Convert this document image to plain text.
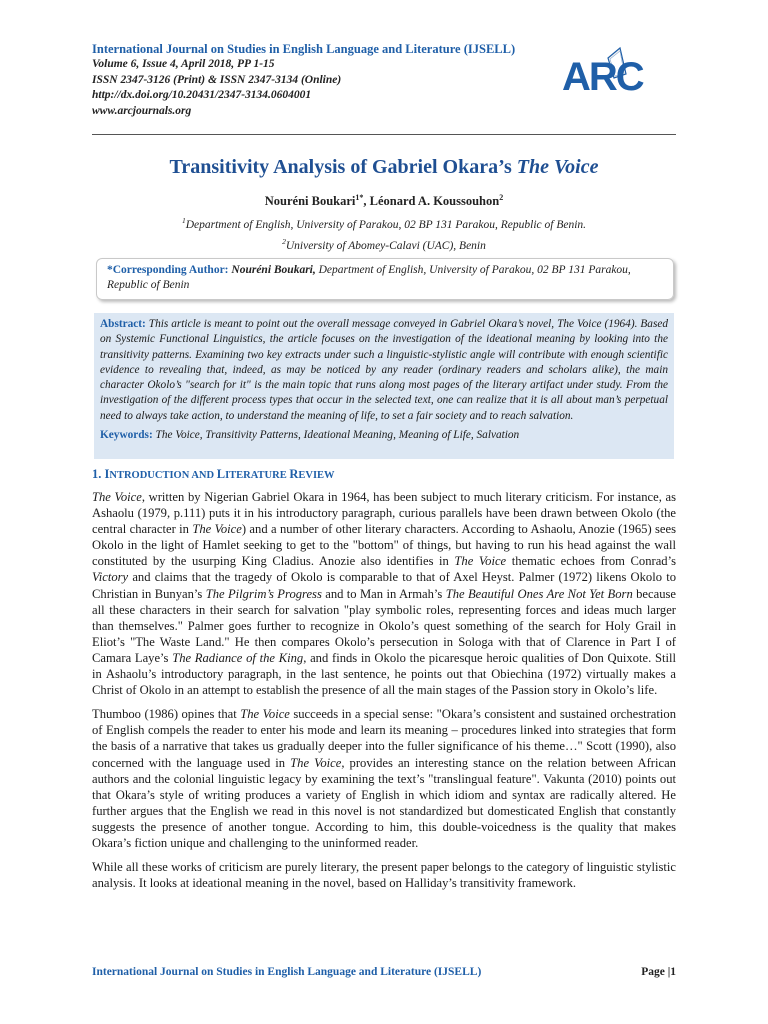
International Journal on Studies in English Language and Literature (IJSELL)
Volume 6, Issue 4, April 2018, PP 1-15
ISSN 2347-3126 (Print) & ISSN 2347-3134 (Online)
http://dx.doi.org/10.20431/2347-3134.0604001
www.arcjournals.org
ARC
Transitivity Analysis of Gabriel Okara’s The Voice
Nouréni Boukari$^{1*}$, Léonard A. Koussouhon$^2$
$^1$Department of English, University of Parakou, 02 BP 131 Parakou, Republic of Benin.
$^2$University of Abomey-Calavi (UAC), Benin
*Corresponding Author: Nouréni Boukari, Department of English, University of Parakou, 02 BP 131 Parakou, Republic of Benin
Abstract: This article is meant to point out the overall message conveyed in Gabriel Okara’s novel, The Voice (1964). Based on Systemic Functional Linguistics, the article focuses on the investigation of the ideational meaning by looking into the transitivity patterns. Examining two key extracts under such a linguistic-stylistic angle will contribute with enough scientific evidence to revealing that, indeed, as may be noticed by any reader (ordinary readers and scholars alike), the main character Okolo’s "search for it" is the main topic that runs along most pages of the literary artifact under study. From the investigation of the different process types that occur in the selected text, one can realize that it is all about man’s perpetual need to always take action, to understand the meaning of life, to set a fair society and to reach salvation.
Keywords: The Voice, Transitivity Patterns, Ideational Meaning, Meaning of Life, Salvation
1. INTRODUCTION AND LITERATURE REVIEW

The Voice, written by Nigerian Gabriel Okara in 1964, has been subject to much literary criticism. For instance, as Ashaolu (1979, p.111) puts it in his introductory paragraph, curious parallels have been drawn between Okolo (the central character in The Voice) and a number of other literary characters. According to Ashaolu, Anozie (1965) sees Okolo in the light of Hamlet seeking to get to the "bottom" of things, but having to run his head against the wall constituted by the usurping King Cladius. Anozie also identifies in The Voice thematic echoes from Conrad’s Victory and claims that the tragedy of Okolo is comparable to that of Axel Heyst. Palmer (1972) likens Okolo to Christian in Bunyan’s The Pilgrim’s Progress and to Man in Armah’s The Beautiful Ones Are Not Yet Born because all these characters in their search for salvation "play symbolic roles, representing forces and ideas much larger than themselves." Palmer goes further to recognize in Okolo’s quest something of the search for Holy Grail in Eliot’s "The Waste Land." He then compares Okolo’s persecution in Sologa with that of Clarence in Part I of Camara Laye’s The Radiance of the King, and finds in Okolo the picaresque heroic qualities of Don Quixote. Still in Ashaolu’s introductory paragraph, in the last sentence, he points out that Obiechina (1972) virtually makes a Christ of Okolo in an attempt to establish the presence of all the main stages of the Passion story in Okolo’s life.

Thumboo (1986) opines that The Voice succeeds in a special sense: "Okara’s consistent and sustained orchestration of English compels the reader to enter his mode and learn its meaning – procedures linked into strategies that form the basis of a narrative that takes us gradually deeper into the fuller significance of his theme…" Scott (1990), also concerned with the language used in The Voice, provides an interesting stance on the relation between African authors and the colonial linguistic legacy by examining the text’s "translingual feature". Vakunta (2010) points out that Okara’s style of writing produces a variety of English in which idiom and syntax are radically altered. He further argues that the English we read in this novel is not standardized but domesticated English that constantly suggests the presence of another tongue. According to him, this double-voicedness is the quality that makes Okara’s fiction unique and challenging to the uninformed reader.

While all these works of criticism are purely literary, the present paper belongs to the category of linguistic stylistic analysis. It looks at ideational meaning in the novel, based on Halliday’s transitivity framework.

International Journal on Studies in English Language and Literature (IJSELL)	Page |1
